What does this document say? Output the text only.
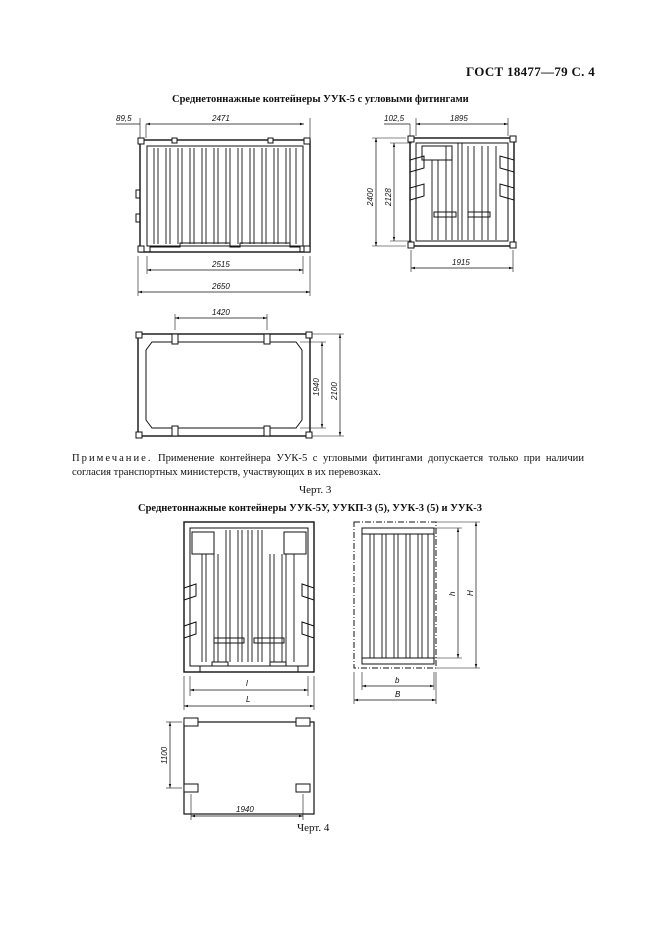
ГОСТ 18477—79 С. 4
Среднетоннажные контейнеры УУК-5 с угловыми фитингами
89,5	2471
2515
2650
102,5	1895
1915
2400 2128
1420
1940 2100
l
L
b
B
h H
1100
1940
Примечание. Применение контейнера УУК-5 с угловыми фитингами допускается только при наличии согласия транспортных министерств, участвующих в их перевозках.
Черт. 3
Среднетоннажные контейнеры УУК-5У, УУКП-3 (5), УУК-3 (5) и УУК-3
Черт. 4
